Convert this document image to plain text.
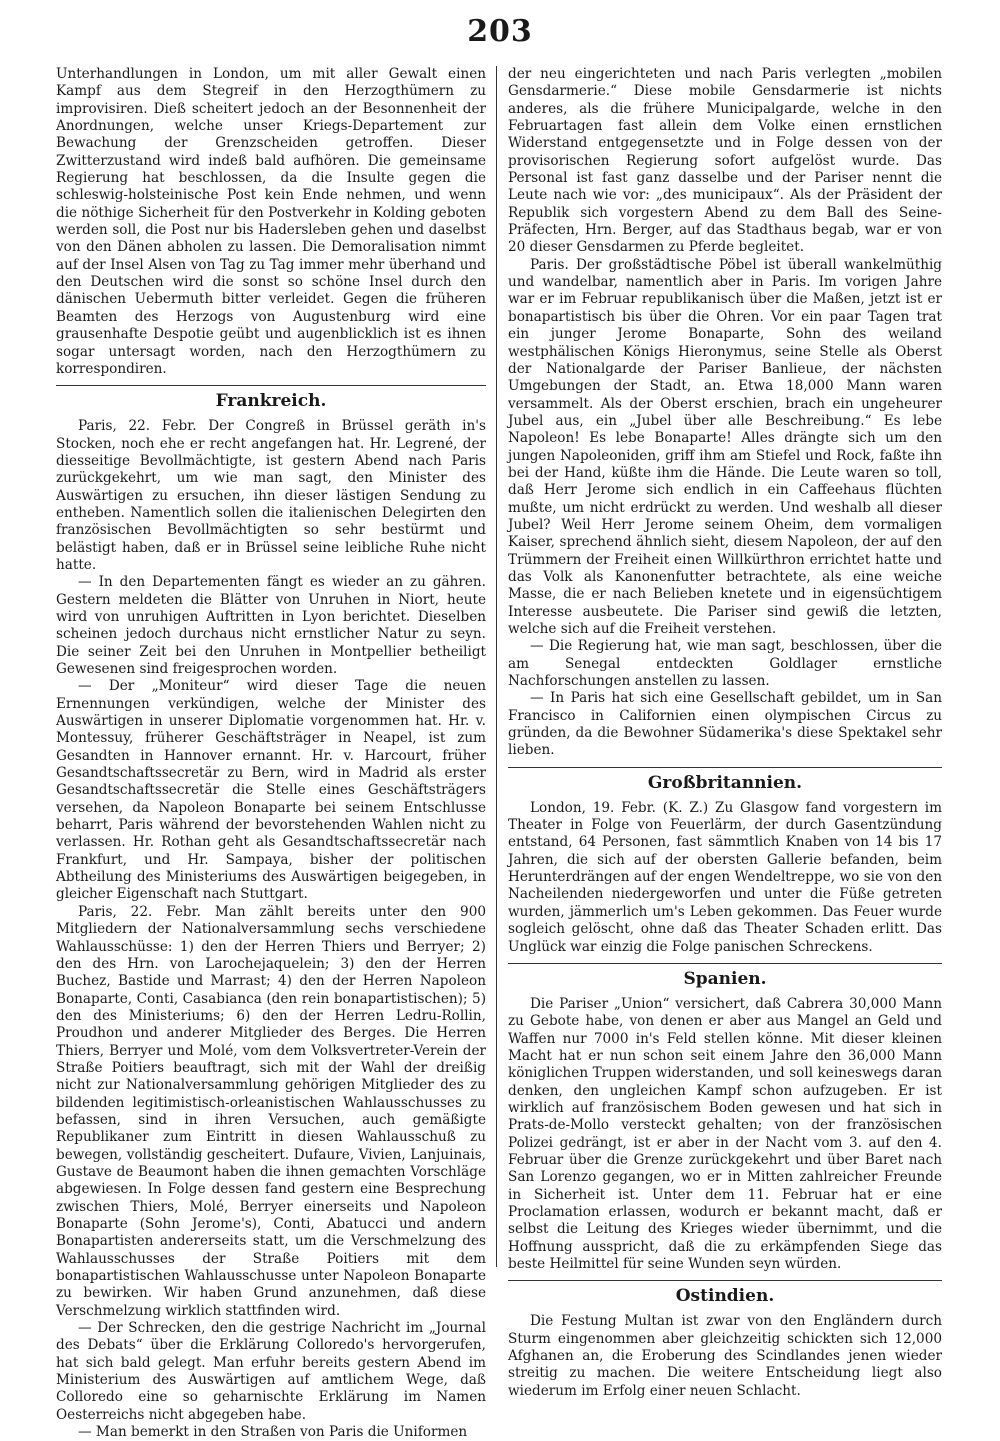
203

Unterhandlungen in London, um mit aller Gewalt einen Kampf aus dem Stegreif in den Herzogthümern zu improvisiren. Dieß scheitert jedoch an der Besonnenheit der Anordnungen, welche unser Kriegs-Departement zur Bewachung der Grenzscheiden getroffen. Dieser Zwitterzustand wird indeß bald aufhören. Die gemeinsame Regierung hat beschlossen, da die Insulte gegen die schleswig-holsteinische Post kein Ende nehmen, und wenn die nöthige Sicherheit für den Postverkehr in Kolding geboten werden soll, die Post nur bis Hadersleben gehen und daselbst von den Dänen abholen zu lassen. Die Demoralisation nimmt auf der Insel Alsen von Tag zu Tag immer mehr überhand und den Deutschen wird die sonst so schöne Insel durch den dänischen Uebermuth bitter verleidet. Gegen die früheren Beamten des Herzogs von Augustenburg wird eine grausenhafte Despotie geübt und augenblicklich ist es ihnen sogar untersagt worden, nach den Herzogthümern zu korrespondiren.

Frankreich.

Paris, 22. Febr. Der Congreß in Brüssel geräth in's Stocken, noch ehe er recht angefangen hat. Hr. Legrené, der diesseitige Bevollmächtigte, ist gestern Abend nach Paris zurückgekehrt, um wie man sagt, den Minister des Auswärtigen zu ersuchen, ihn dieser lästigen Sendung zu entheben. Namentlich sollen die italienischen Delegirten den französischen Bevollmächtigten so sehr bestürmt und belästigt haben, daß er in Brüssel seine leibliche Ruhe nicht hatte.

— In den Departementen fängt es wieder an zu gähren. Gestern meldeten die Blätter von Unruhen in Niort, heute wird von unruhigen Auftritten in Lyon berichtet. Dieselben scheinen jedoch durchaus nicht ernstlicher Natur zu seyn. Die seiner Zeit bei den Unruhen in Montpellier betheiligt Gewesenen sind freigesprochen worden.

— Der „Moniteur“ wird dieser Tage die neuen Ernennungen verkündigen, welche der Minister des Auswärtigen in unserer Diplomatie vorgenommen hat. Hr. v. Montessuy, früherer Geschäftsträger in Neapel, ist zum Gesandten in Hannover ernannt. Hr. v. Harcourt, früher Gesandtschaftssecretär zu Bern, wird in Madrid als erster Gesandtschaftssecretär die Stelle eines Geschäftsträgers versehen, da Napoleon Bonaparte bei seinem Entschlusse beharrt, Paris während der bevorstehenden Wahlen nicht zu verlassen. Hr. Rothan geht als Gesandtschaftssecretär nach Frankfurt, und Hr. Sampaya, bisher der politischen Abtheilung des Ministeriums des Auswärtigen beigegeben, in gleicher Eigenschaft nach Stuttgart.

Paris, 22. Febr. Man zählt bereits unter den 900 Mitgliedern der Nationalversammlung sechs verschiedene Wahlausschüsse: 1) den der Herren Thiers und Berryer; 2) den des Hrn. von Larochejaquelein; 3) den der Herren Buchez, Bastide und Marrast; 4) den der Herren Napoleon Bonaparte, Conti, Casabianca (den rein bonapartistischen); 5) den des Ministeriums; 6) den der Herren Ledru-Rollin, Proudhon und anderer Mitglieder des Berges. Die Herren Thiers, Berryer und Molé, vom dem Volksvertreter-Verein der Straße Poitiers beauftragt, sich mit der Wahl der dreißig nicht zur Nationalversammlung gehörigen Mitglieder des zu bildenden legitimistisch-orleanistischen Wahlausschusses zu befassen, sind in ihren Versuchen, auch gemäßigte Republikaner zum Eintritt in diesen Wahlausschuß zu bewegen, vollständig gescheitert. Dufaure, Vivien, Lanjuinais, Gustave de Beaumont haben die ihnen gemachten Vorschläge abgewiesen. In Folge dessen fand gestern eine Besprechung zwischen Thiers, Molé, Berryer einerseits und Napoleon Bonaparte (Sohn Jerome's), Conti, Abatucci und andern Bonapartisten andererseits statt, um die Verschmelzung des Wahlausschusses der Straße Poitiers mit dem bonapartistischen Wahlausschusse unter Napoleon Bonaparte zu bewirken. Wir haben Grund anzunehmen, daß diese Verschmelzung wirklich stattfinden wird.

— Der Schrecken, den die gestrige Nachricht im „Journal des Debats“ über die Erklärung Colloredo's hervorgerufen, hat sich bald gelegt. Man erfuhr bereits gestern Abend im Ministerium des Auswärtigen auf amtlichem Wege, daß Colloredo eine so geharnischte Erklärung im Namen Oesterreichs nicht abgegeben habe.

— Man bemerkt in den Straßen von Paris die Uniformen

der neu eingerichteten und nach Paris verlegten „mobilen Gensdarmerie.“ Diese mobile Gensdarmerie ist nichts anderes, als die frühere Municipalgarde, welche in den Februartagen fast allein dem Volke einen ernstlichen Widerstand entgegensetzte und in Folge dessen von der provisorischen Regierung sofort aufgelöst wurde. Das Personal ist fast ganz dasselbe und der Pariser nennt die Leute nach wie vor: „des municipaux“. Als der Präsident der Republik sich vorgestern Abend zu dem Ball des Seine-Präfecten, Hrn. Berger, auf das Stadthaus begab, war er von 20 dieser Gensdarmen zu Pferde begleitet.

Paris. Der großstädtische Pöbel ist überall wankelmüthig und wandelbar, namentlich aber in Paris. Im vorigen Jahre war er im Februar republikanisch über die Maßen, jetzt ist er bonapartistisch bis über die Ohren. Vor ein paar Tagen trat ein junger Jerome Bonaparte, Sohn des weiland westphälischen Königs Hieronymus, seine Stelle als Oberst der Nationalgarde der Pariser Banlieue, der nächsten Umgebungen der Stadt, an. Etwa 18,000 Mann waren versammelt. Als der Oberst erschien, brach ein ungeheurer Jubel aus, ein „Jubel über alle Beschreibung.“ Es lebe Napoleon! Es lebe Bonaparte! Alles drängte sich um den jungen Napoleoniden, griff ihm am Stiefel und Rock, faßte ihn bei der Hand, küßte ihm die Hände. Die Leute waren so toll, daß Herr Jerome sich endlich in ein Caffeehaus flüchten mußte, um nicht erdrückt zu werden. Und weshalb all dieser Jubel? Weil Herr Jerome seinem Oheim, dem vormaligen Kaiser, sprechend ähnlich sieht, diesem Napoleon, der auf den Trümmern der Freiheit einen Willkürthron errichtet hatte und das Volk als Kanonenfutter betrachtete, als eine weiche Masse, die er nach Belieben knetete und in eigensüchtigem Interesse ausbeutete. Die Pariser sind gewiß die letzten, welche sich auf die Freiheit verstehen.

— Die Regierung hat, wie man sagt, beschlossen, über die am Senegal entdeckten Goldlager ernstliche Nachforschungen anstellen zu lassen.

— In Paris hat sich eine Gesellschaft gebildet, um in San Francisco in Californien einen olympischen Circus zu gründen, da die Bewohner Südamerika's diese Spektakel sehr lieben.

Großbritannien.

London, 19. Febr. (K. Z.) Zu Glasgow fand vorgestern im Theater in Folge von Feuerlärm, der durch Gasentzündung entstand, 64 Personen, fast sämmtlich Knaben von 14 bis 17 Jahren, die sich auf der obersten Gallerie befanden, beim Herunterdrängen auf der engen Wendeltreppe, wo sie von den Nacheilenden niedergeworfen und unter die Füße getreten wurden, jämmerlich um's Leben gekommen. Das Feuer wurde sogleich gelöscht, ohne daß das Theater Schaden erlitt. Das Unglück war einzig die Folge panischen Schreckens.

Spanien.

Die Pariser „Union“ versichert, daß Cabrera 30,000 Mann zu Gebote habe, von denen er aber aus Mangel an Geld und Waffen nur 7000 in's Feld stellen könne. Mit dieser kleinen Macht hat er nun schon seit einem Jahre den 36,000 Mann königlichen Truppen widerstanden, und soll keineswegs daran denken, den ungleichen Kampf schon aufzugeben. Er ist wirklich auf französischem Boden gewesen und hat sich in Prats-de-Mollo versteckt gehalten; von der französischen Polizei gedrängt, ist er aber in der Nacht vom 3. auf den 4. Februar über die Grenze zurückgekehrt und über Baret nach San Lorenzo gegangen, wo er in Mitten zahlreicher Freunde in Sicherheit ist. Unter dem 11. Februar hat er eine Proclamation erlassen, wodurch er bekannt macht, daß er selbst die Leitung des Krieges wieder übernimmt, und die Hoffnung ausspricht, daß die zu erkämpfenden Siege das beste Heilmittel für seine Wunden seyn würden.

Ostindien.

Die Festung Multan ist zwar von den Engländern durch Sturm eingenommen aber gleichzeitig schickten sich 12,000 Afghanen an, die Eroberung des Scindlandes jenen wieder streitig zu machen. Die weitere Entscheidung liegt also wiederum im Erfolg einer neuen Schlacht.
